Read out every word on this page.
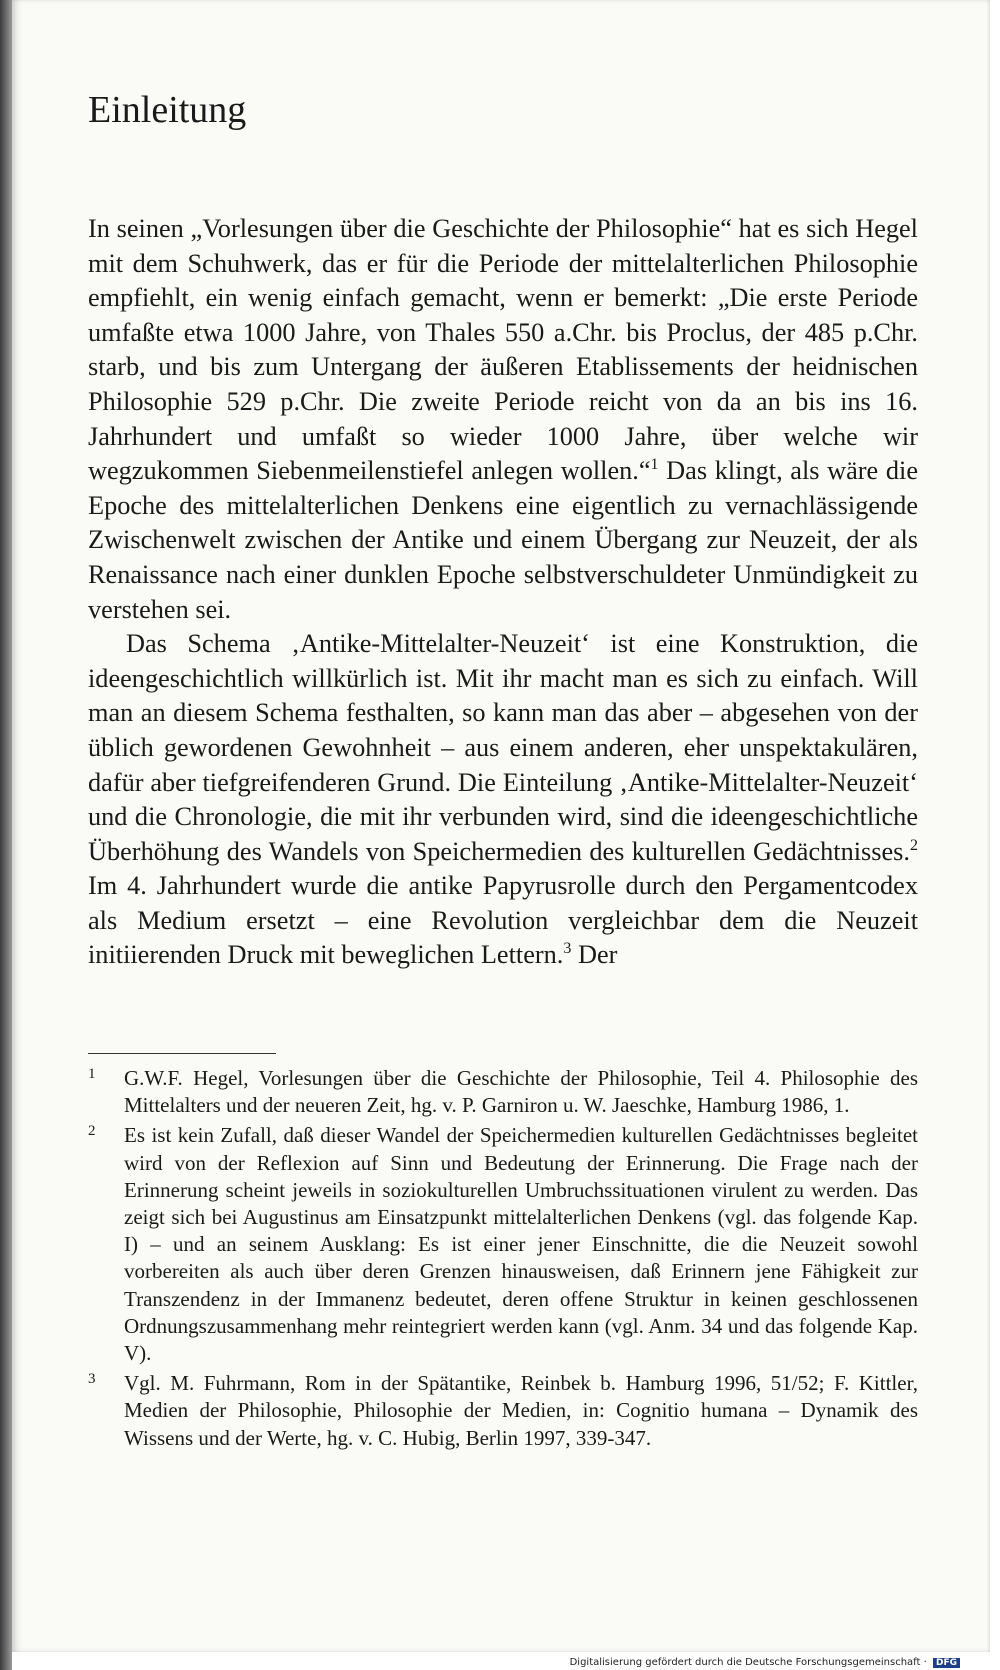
Einleitung

In seinen „Vorlesungen über die Geschichte der Philosophie“ hat es sich Hegel mit dem Schuhwerk, das er für die Periode der mittelalterlichen Philosophie empfiehlt, ein wenig einfach gemacht, wenn er bemerkt: „Die erste Periode umfaßte etwa 1000 Jahre, von Thales 550 a.Chr. bis Proclus, der 485 p.Chr. starb, und bis zum Untergang der äußeren Etablissements der heidnischen Philosophie 529 p.Chr. Die zweite Periode reicht von da an bis ins 16. Jahrhundert und umfaßt so wieder 1000 Jahre, über welche wir wegzukommen Siebenmeilenstiefel anlegen wollen.“$^1$ Das klingt, als wäre die Epoche des mittelalterlichen Denkens eine eigentlich zu vernachlässigende Zwischenwelt zwischen der Antike und einem Übergang zur Neuzeit, der als Renaissance nach einer dunklen Epoche selbstverschuldeter Unmündigkeit zu verstehen sei.

Das Schema ‚Antike-Mittelalter-Neuzeit‘ ist eine Konstruktion, die ideengeschichtlich willkürlich ist. Mit ihr macht man es sich zu einfach. Will man an diesem Schema festhalten, so kann man das aber – abgesehen von der üblich gewordenen Gewohnheit – aus einem anderen, eher unspektakulären, dafür aber tiefgreifenderen Grund. Die Einteilung ‚Antike-Mittelalter-Neuzeit‘ und die Chronologie, die mit ihr verbunden wird, sind die ideengeschichtliche Überhöhung des Wandels von Speichermedien des kulturellen Gedächtnisses.$^2$ Im 4. Jahrhundert wurde die antike Papyrusrolle durch den Pergamentcodex als Medium ersetzt – eine Revolution vergleichbar dem die Neuzeit initiierenden Druck mit beweglichen Lettern.$^3$ Der

1 G.W.F. Hegel, Vorlesungen über die Geschichte der Philosophie, Teil 4. Philosophie des Mittelalters und der neueren Zeit, hg. v. P. Garniron u. W. Jaeschke, Hamburg 1986, 1.
2 Es ist kein Zufall, daß dieser Wandel der Speichermedien kulturellen Gedächtnisses begleitet wird von der Reflexion auf Sinn und Bedeutung der Erinnerung. Die Frage nach der Erinnerung scheint jeweils in soziokulturellen Umbruchssituationen virulent zu werden. Das zeigt sich bei Augustinus am Einsatzpunkt mittelalterlichen Denkens (vgl. das folgende Kap. I) – und an seinem Ausklang: Es ist einer jener Einschnitte, die die Neuzeit sowohl vorbereiten als auch über deren Grenzen hinausweisen, daß Erinnern jene Fähigkeit zur Transzendenz in der Immanenz bedeutet, deren offene Struktur in keinen geschlossenen Ordnungszusammenhang mehr reintegriert werden kann (vgl. Anm. 34 und das folgende Kap. V).
3 Vgl. M. Fuhrmann, Rom in der Spätantike, Reinbek b. Hamburg 1996, 51/52; F. Kittler, Medien der Philosophie, Philosophie der Medien, in: Cognitio humana – Dynamik des Wissens und der Werte, hg. v. C. Hubig, Berlin 1997, 339-347.
Digitalisierung gefördert durch die Deutsche Forschungsgemeinschaft · DFG
